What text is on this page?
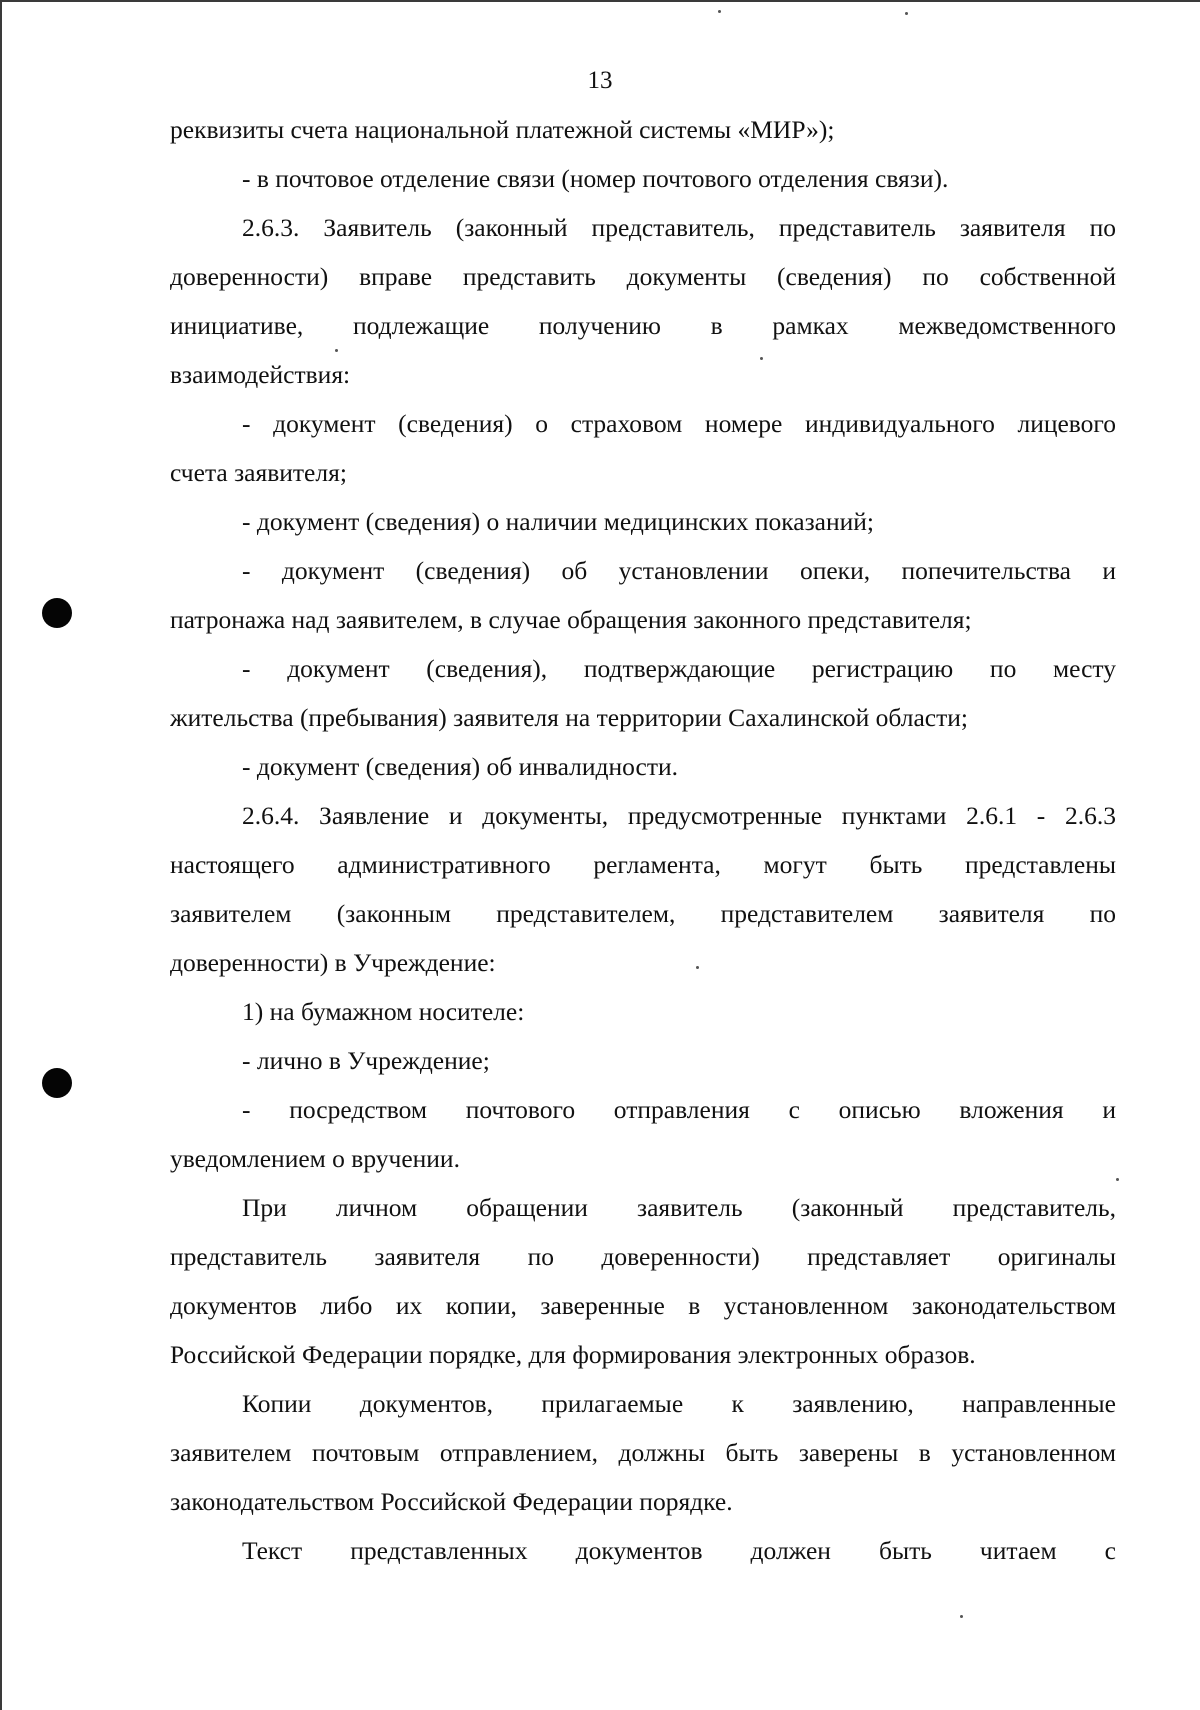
13
реквизиты счета национальной платежной системы «МИР»);
- в почтовое отделение связи (номер почтового отделения связи).
2.6.3. Заявитель (законный представитель, представитель заявителя по
доверенности) вправе представить документы (сведения) по собственной
инициативе, подлежащие получению в рамках межведомственного
взаимодействия:
- документ (сведения) о страховом номере индивидуального лицевого
счета заявителя;
- документ (сведения) о наличии медицинских показаний;
- документ (сведения) об установлении опеки, попечительства и
патронажа над заявителем, в случае обращения законного представителя;
- документ (сведения), подтверждающие регистрацию по месту
жительства (пребывания) заявителя на территории Сахалинской области;
- документ (сведения) об инвалидности.
2.6.4. Заявление и документы, предусмотренные пунктами 2.6.1 - 2.6.3
настоящего административного регламента, могут быть представлены
заявителем (законным представителем, представителем заявителя по
доверенности) в Учреждение:
1) на бумажном носителе:
- лично в Учреждение;
- посредством почтового отправления с описью вложения и
уведомлением о вручении.
При личном обращении заявитель (законный представитель,
представитель заявителя по доверенности) представляет оригиналы
документов либо их копии, заверенные в установленном законодательством
Российской Федерации порядке, для формирования электронных образов.
Копии документов, прилагаемые к заявлению, направленные
заявителем почтовым отправлением, должны быть заверены в установленном
законодательством Российской Федерации порядке.
Текст представленных документов должен быть читаем с
